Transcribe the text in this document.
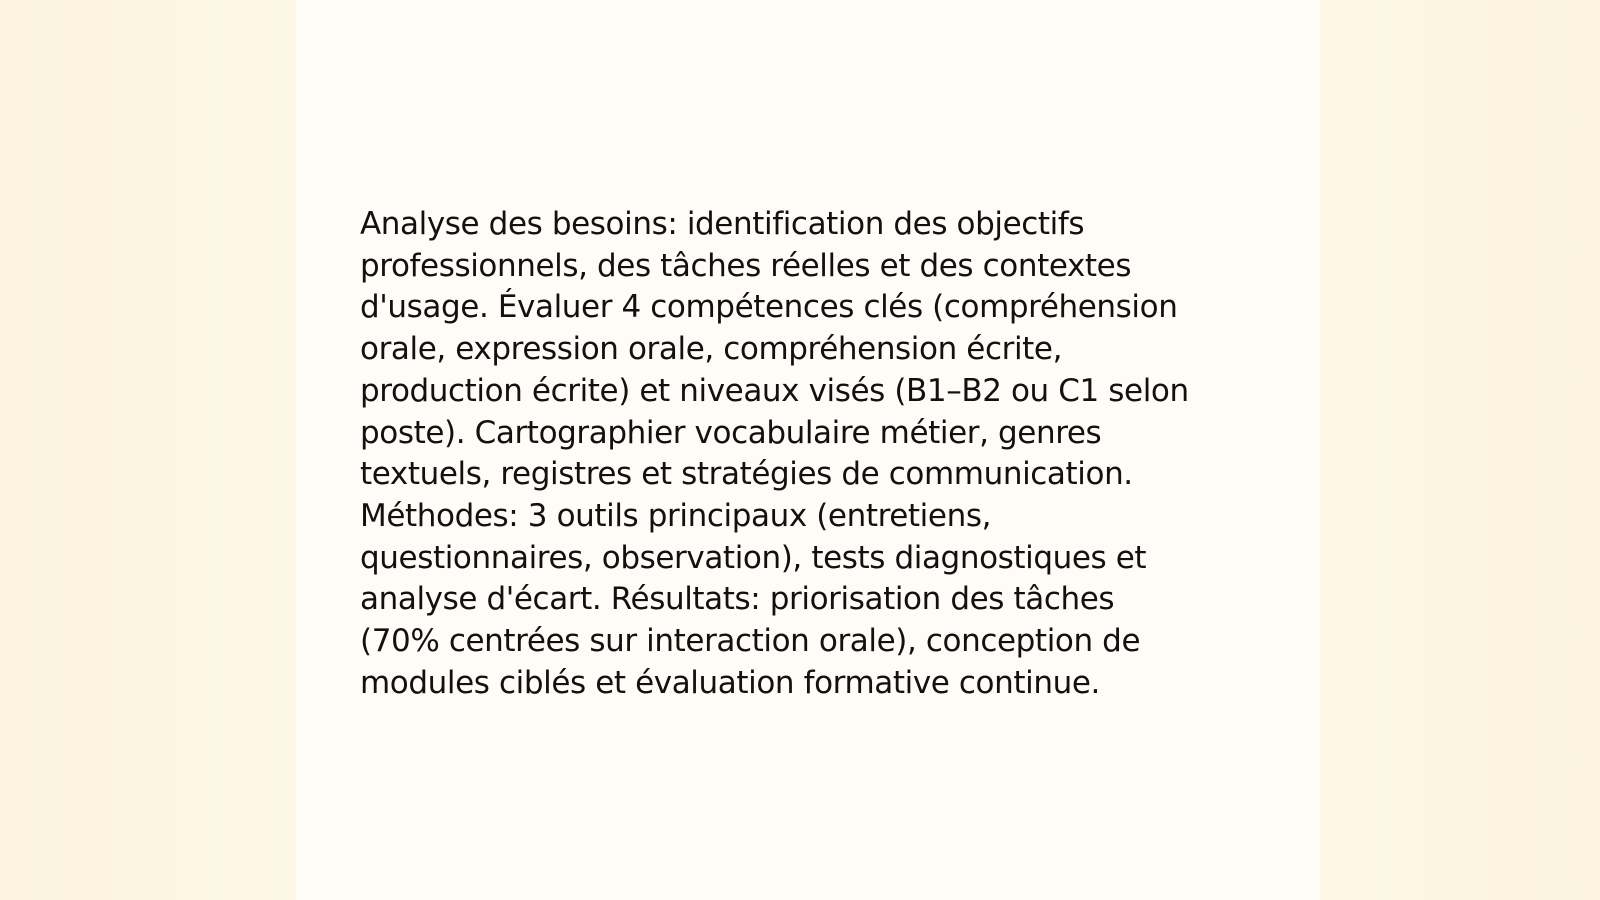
Analyse des besoins: identification des objectifs
professionnels, des tâches réelles et des contextes
d'usage. Évaluer 4 compétences clés (compréhension
orale, expression orale, compréhension écrite,
production écrite) et niveaux visés (B1–B2 ou C1 selon
poste). Cartographier vocabulaire métier, genres
textuels, registres et stratégies de communication.
Méthodes: 3 outils principaux (entretiens,
questionnaires, observation), tests diagnostiques et
analyse d'écart. Résultats: priorisation des tâches
(70% centrées sur interaction orale), conception de
modules ciblés et évaluation formative continue.
